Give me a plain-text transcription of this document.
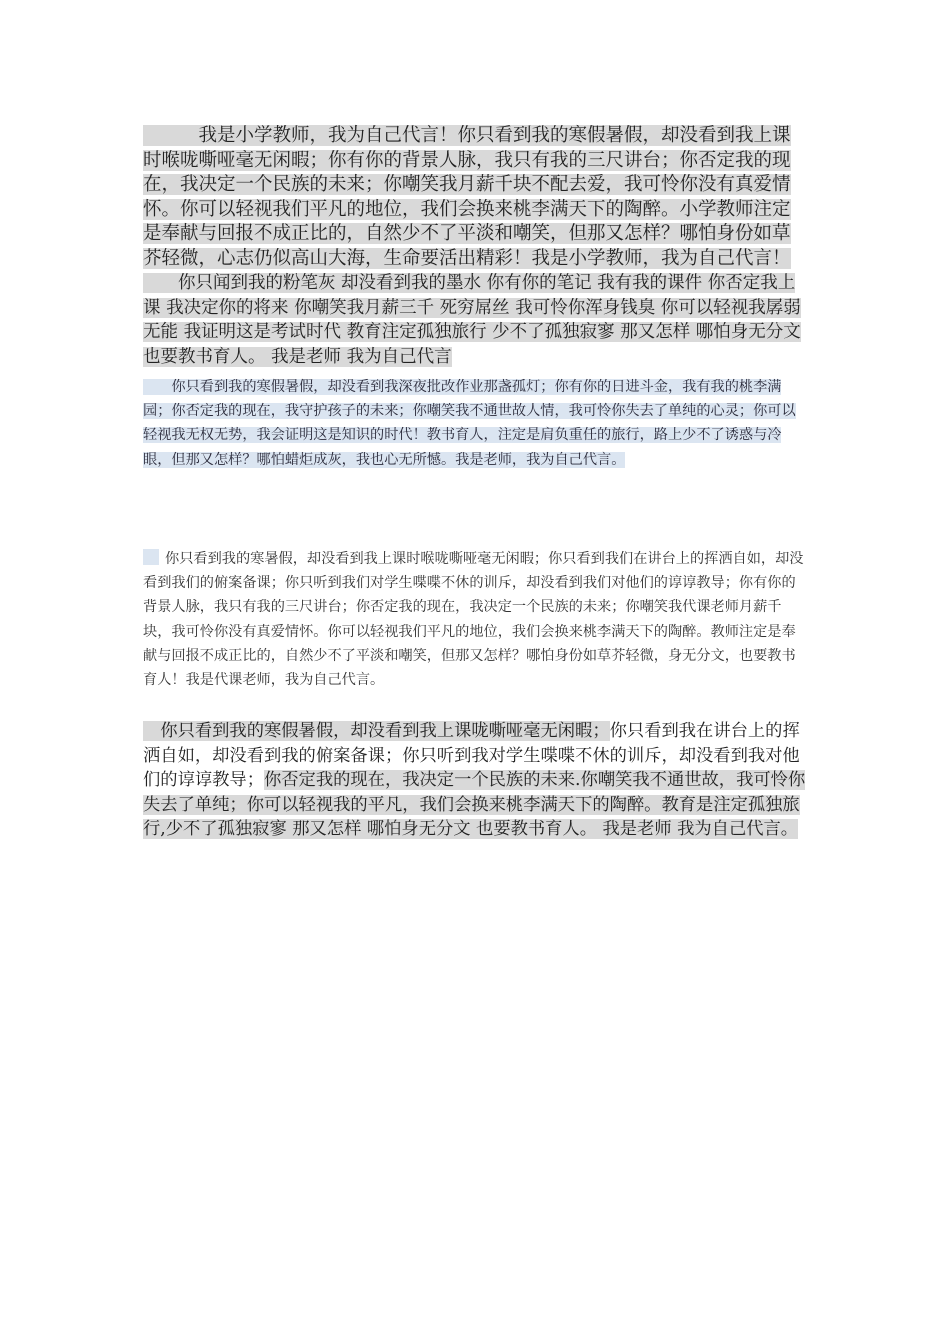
　　　我是小学教师，我为自己代言！你只看到我的寒假暑假，却没看到我上课时喉咙嘶哑毫无闲暇；你有你的背景人脉，我只有我的三尺讲台；你否定我的现在，我决定一个民族的未来；你嘲笑我月薪千块不配去爱，我可怜你没有真爱情怀。你可以轻视我们平凡的地位，我们会换来桃李满天下的陶醉。小学教师注定是奉献与回报不成正比的，自然少不了平淡和嘲笑，但那又怎样？哪怕身份如草芥轻微，心志仍似高山大海，生命要活出精彩！我是小学教师，我为自己代言！

　　你只闻到我的粉笔灰 却没看到我的墨水 你有你的笔记 我有我的课件 你否定我上课 我决定你的将来 你嘲笑我月薪三千 死穷屌丝 我可怜你浑身钱臭 你可以轻视我孱弱无能 我证明这是考试时代 教育注定孤独旅行 少不了孤独寂寥 那又怎样 哪怕身无分文 也要教书育人。 我是老师 我为自己代言

　　你只看到我的寒假暑假，却没看到我深夜批改作业那盏孤灯；你有你的日进斗金，我有我的桃李满园；你否定我的现在，我守护孩子的未来；你嘲笑我不通世故人情，我可怜你失去了单纯的心灵；你可以轻视我无权无势，我会证明这是知识的时代！教书育人，注定是肩负重任的旅行，路上少不了诱惑与冷眼，但那又怎样？哪怕蜡炬成灰，我也心无所憾。我是老师，我为自己代言。

你只看到我的寒暑假，却没看到我上课时喉咙嘶哑毫无闲暇；你只看到我们在讲台上的挥洒自如，却没看到我们的俯案备课；你只听到我们对学生喋喋不休的训斥，却没看到我们对他们的谆谆教导；你有你的背景人脉，我只有我的三尺讲台；你否定我的现在，我决定一个民族的未来；你嘲笑我代课老师月薪千块，我可怜你没有真爱情怀。你可以轻视我们平凡的地位，我们会换来桃李满天下的陶醉。教师注定是奉献与回报不成正比的，自然少不了平淡和嘲笑，但那又怎样？哪怕身份如草芥轻微，身无分文，也要教书育人！我是代课老师，我为自己代言。

　你只看到我的寒假暑假，却没看到我上课咙嘶哑毫无闲暇；你只看到我在讲台上的挥洒自如，却没看到我的俯案备课；你只听到我对学生喋喋不休的训斥，却没看到我对他们的谆谆教导；你否定我的现在，我决定一个民族的未来.你嘲笑我不通世故，我可怜你失去了单纯；你可以轻视我的平凡，我们会换来桃李满天下的陶醉。教育是注定孤独旅行,少不了孤独寂寥 那又怎样 哪怕身无分文 也要教书育人。 我是老师 我为自己代言。
